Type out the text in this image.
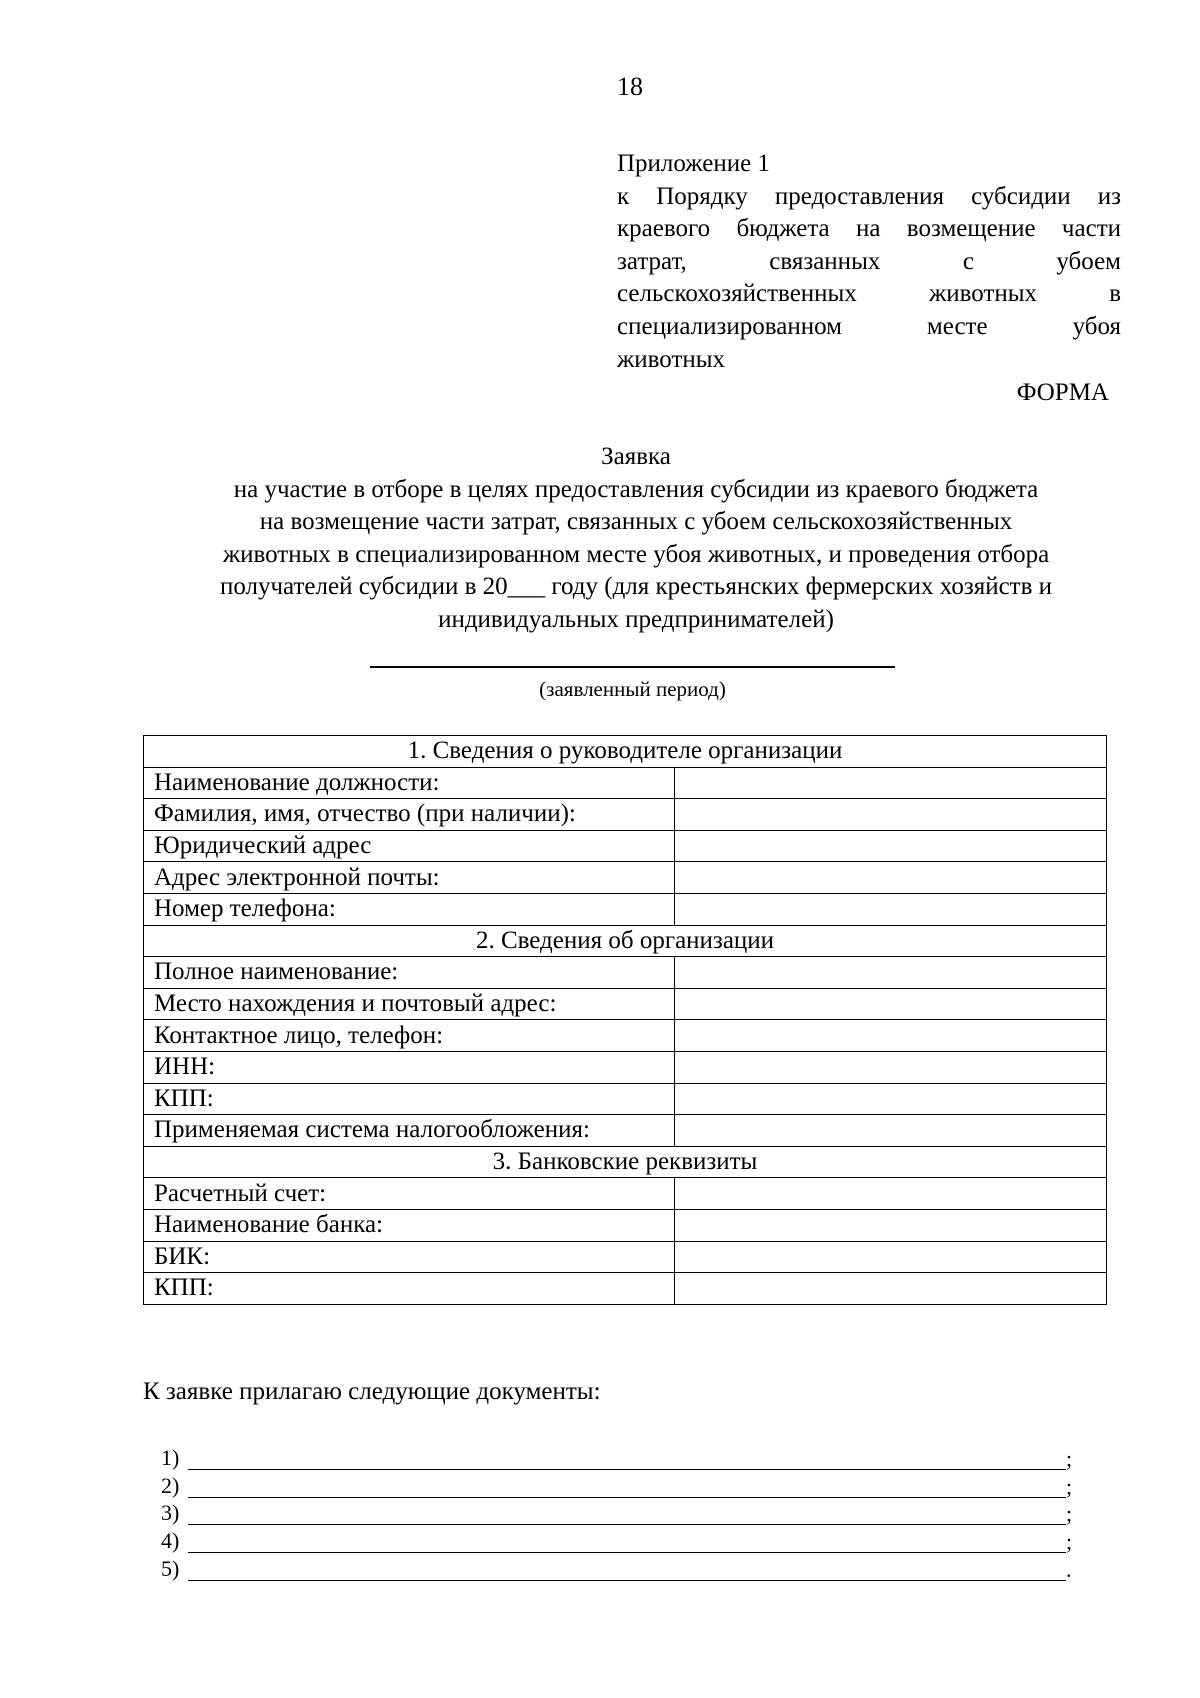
18
Приложение 1
к Порядку предоставления субсидии из
краевого бюджета на возмещение части
затрат, связанных с убоем
сельскохозяйственных животных в
специализированном месте убоя
животных
ФОРМА
Заявка
на участие в отборе в целях предоставления субсидии из краевого бюджета
на возмещение части затрат, связанных с убоем сельскохозяйственных
животных в специализированном месте убоя животных, и проведения отбора
получателей субсидии в 20___ году (для крестьянских фермерских хозяйств и
индивидуальных предпринимателей)
(заявленный период)
1. Сведения о руководителе организации	
Наименование должности:	
Фамилия, имя, отчество (при наличии):	
Юридический адрес	
Адрес электронной почты:	
Номер телефона:	
2. Сведения об организации	
Полное наименование:	
Место нахождения и почтовый адрес:	
Контактное лицо, телефон:	
ИНН:	
КПП:	
Применяемая система налогообложения:	
3. Банковские реквизиты	
Расчетный счет:	
Наименование банка:	
БИК:	
КПП:	
К заявке прилагаю следующие документы:
1)	;
2)	;
3)	;
4)	;
5)	.
